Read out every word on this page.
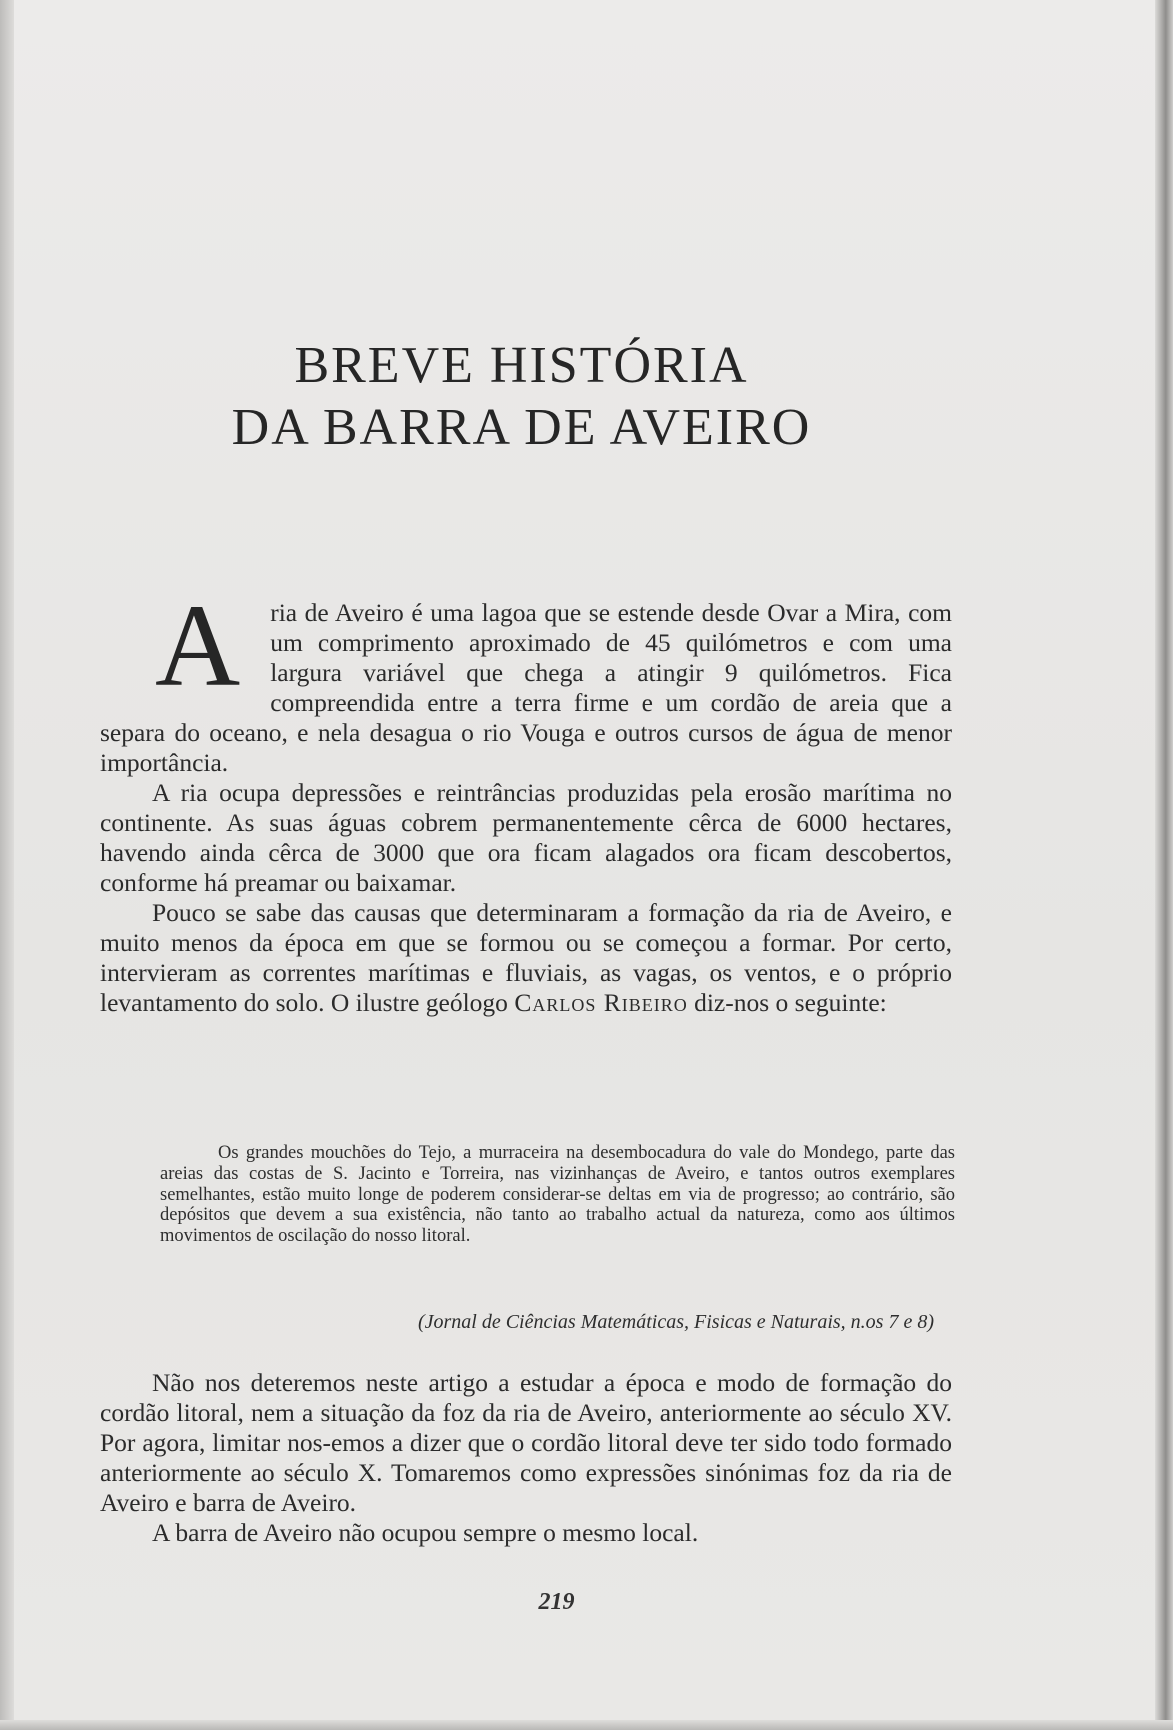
BREVE HISTÓRIA
DA BARRA DE AVEIRO

A ria de Aveiro é uma lagoa que se estende desde Ovar a Mira, com um comprimento aproximado de 45 quilómetros e com uma largura variável que chega a atingir 9 quilómetros. Fica compreendida entre a terra firme e um cordão de areia que a separa do oceano, e nela desagua o rio Vouga e outros cursos de água de menor importância.

A ria ocupa depressões e reintrâncias produzidas pela erosão marítima no continente. As suas águas cobrem permanentemente cêrca de 6000 hectares, havendo ainda cêrca de 3000 que ora ficam alagados ora ficam descobertos, conforme há preamar ou baixamar.

Pouco se sabe das causas que determinaram a formação da ria de Aveiro, e muito menos da época em que se formou ou se começou a formar. Por certo, intervieram as correntes marítimas e fluviais, as vagas, os ventos, e o próprio levantamento do solo. O ilustre geólogo Carlos Ribeiro diz-nos o seguinte:

Os grandes mouchões do Tejo, a murraceira na desembocadura do vale do Mondego, parte das areias das costas de S. Jacinto e Torreira, nas vizinhanças de Aveiro, e tantos outros exemplares semelhantes, estão muito longe de poderem considerar-se deltas em via de progresso; ao contrário, são depósitos que devem a sua existência, não tanto ao trabalho actual da natureza, como aos últimos movimentos de oscilação do nosso litoral.

(Jornal de Ciências Matemáticas, Fisicas e Naturais, n.os 7 e 8)

Não nos deteremos neste artigo a estudar a época e modo de formação do cordão litoral, nem a situação da foz da ria de Aveiro, anteriormente ao século XV. Por agora, limitar nos-emos a dizer que o cordão litoral deve ter sido todo formado anteriormente ao século X. Tomaremos como expressões sinónimas foz da ria de Aveiro e barra de Aveiro.

A barra de Aveiro não ocupou sempre o mesmo local.

219
